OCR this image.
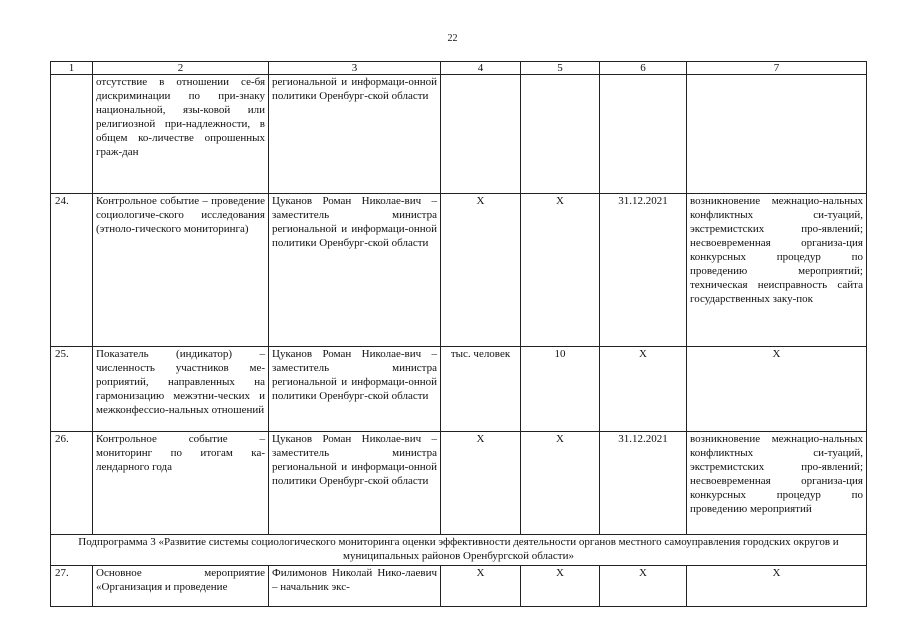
22
1	2	3	4	5	6	7
	отсутствие в отношении се-бя дискриминации по при-знаку национальной, язы-ковой или религиозной при-надлежности, в общем ко-личестве опрошенных граж-дан	региональной и информаци-онной политики Оренбург-ской области				
24.	Контрольное событие – проведение социологиче-ского исследования (этноло-гического мониторинга)	Цуканов Роман Николае-вич – заместитель министра региональной и информаци-онной политики Оренбург-ской области	X	X	31.12.2021	возникновение межнацио-нальных конфликтных си-туаций, экстремистских про-явлений; несвоевременная организа-ция конкурсных процедур по проведению мероприятий; техническая неисправность сайта государственных заку-пок
25.	Показатель (индикатор) – численность участников ме-роприятий, направленных на гармонизацию межэтни-ческих и межконфессио-нальных отношений	Цуканов Роман Николае-вич – заместитель министра региональной и информаци-онной политики Оренбург-ской области	тыс. человек	10	X	X
26.	Контрольное событие – мониторинг по итогам ка-лендарного года	Цуканов Роман Николае-вич – заместитель министра региональной и информаци-онной политики Оренбург-ской области	X	X	31.12.2021	возникновение межнацио-нальных конфликтных си-туаций, экстремистских про-явлений; несвоевременная организа-ция конкурсных процедур по проведению мероприятий
Подпрограмма 3 «Развитие системы социологического мониторинга оценки эффективности деятельности органов местного самоуправления городских округов и муниципальных районов Оренбургской области»						
27.	Основное мероприятие «Организация и проведение	Филимонов Николай Нико-лаевич – начальник экс-	X	X	X	X
